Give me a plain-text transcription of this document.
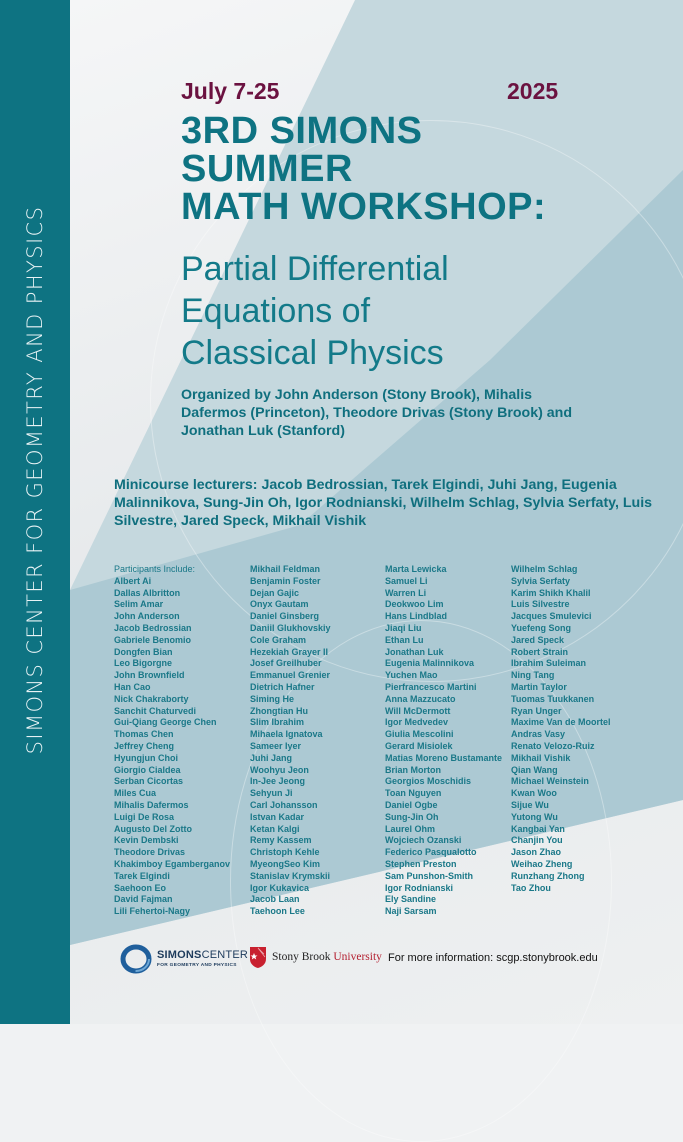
SIMONS CENTER FOR GEOMETRY AND PHYSICS
July 7-25	2025
3RD SIMONS
SUMMER
MATH WORKSHOP:
Partial Differential
Equations of
Classical Physics
Organized by John Anderson (Stony Brook), Mihalis Dafermos (Princeton), Theodore Drivas (Stony Brook) and Jonathan Luk (Stanford)
Minicourse lecturers: Jacob Bedrossian, Tarek Elgindi, Juhi Jang, Eugenia Malinnikova, Sung-Jin Oh, Igor Rodnianski, Wilhelm Schlag, Sylvia Serfaty, Luis Silvestre, Jared Speck, Mikhail Vishik
Participants Include:
Albert Ai
Dallas Albritton
Selim Amar
John Anderson
Jacob Bedrossian
Gabriele Benomio
Dongfen Bian
Leo Bigorgne
John Brownfield
Han Cao
Nick Chakraborty
Sanchit Chaturvedi
Gui-Qiang George Chen
Thomas Chen
Jeffrey Cheng
Hyungjun Choi
Giorgio Cialdea
Serban Cicortas
Miles Cua
Mihalis Dafermos
Luigi De Rosa
Augusto Del Zotto
Kevin Dembski
Theodore Drivas
Khakimboy Egamberganov
Tarek Elgindi
Saehoon Eo
David Fajman
Lili Fehertoi-Nagy
Mikhail Feldman
Benjamin Foster
Dejan Gajic
Onyx Gautam
Daniel Ginsberg
Daniil Glukhovskiy
Cole Graham
Hezekiah Grayer II
Josef Greilhuber
Emmanuel Grenier
Dietrich Hafner
Siming He
Zhongtian Hu
Slim Ibrahim
Mihaela Ignatova
Sameer Iyer
Juhi Jang
Woohyu Jeon
In-Jee Jeong
Sehyun Ji
Carl Johansson
Istvan Kadar
Ketan Kalgi
Remy Kassem
Christoph Kehle
MyeongSeo Kim
Stanislav Krymskii
Igor Kukavica
Jacob Laan
Taehoon Lee
Marta Lewicka
Samuel Li
Warren Li
Deokwoo Lim
Hans Lindblad
Jiaqi Liu
Ethan Lu
Jonathan Luk
Eugenia Malinnikova
Yuchen Mao
Pierfrancesco Martini
Anna Mazzucato
Will McDermott
Igor Medvedev
Giulia Mescolini
Gerard Misiolek
Matias Moreno Bustamante
Brian Morton
Georgios Moschidis
Toan Nguyen
Daniel Ogbe
Sung-Jin Oh
Laurel Ohm
Wojciech Ozanski
Federico Pasqualotto
Stephen Preston
Sam Punshon-Smith
Igor Rodnianski
Ely Sandine
Naji Sarsam
Wilhelm Schlag
Sylvia Serfaty
Karim Shikh Khalil
Luis Silvestre
Jacques Smulevici
Yuefeng Song
Jared Speck
Robert Strain
Ibrahim Suleiman
Ning Tang
Martin Taylor
Tuomas Tuukkanen
Ryan Unger
Maxime Van de Moortel
Andras Vasy
Renato Velozo-Ruiz
Mikhail Vishik
Qian Wang
Michael Weinstein
Kwan Woo
Sijue Wu
Yutong Wu
Kangbai Yan
Chanjin You
Jason Zhao
Weihao Zheng
Runzhang Zhong
Tao Zhou
SIMONSCENTER
FOR GEOMETRY AND PHYSICS
Stony Brook University For more information: scgp.stonybrook.edu
